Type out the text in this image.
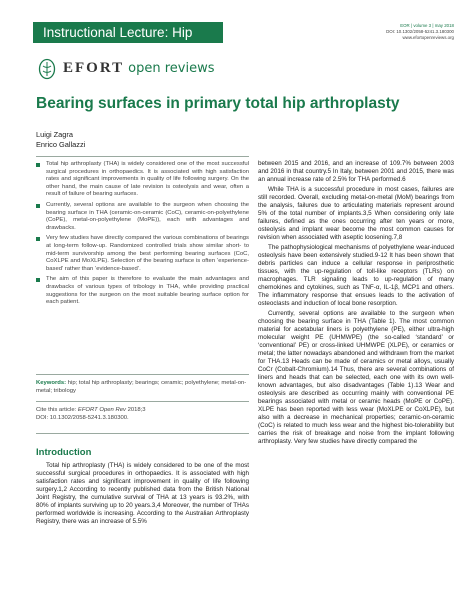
Instructional Lecture: Hip	EOR | volume 3 | may 2018
DOI: 10.1302/2058-5241.3.180300
www.efortopenreviews.org
EFORT open reviews
Bearing surfaces in primary total hip arthroplasty
Luigi Zagra
Enrico Gallazzi
Total hip arthroplasty (THA) is widely considered one of the most successful surgical procedures in orthopaedics. It is associated with high satisfaction rates and significant improvements in quality of life following surgery. On the other hand, the main cause of late revision is osteolysis and wear, often a result of failure of bearing surfaces.
Currently, several options are available to the surgeon when choosing the bearing surface in THA (ceramic-on-ceramic (CoC), ceramic-on-polyethylene (CoPE), metal-on-polyethylene (MoPE)), each with advantages and drawbacks.
Very few studies have directly compared the various combinations of bearings at long-term follow-up. Randomized controlled trials show similar short- to mid-term survivorship among the best performing bearing surfaces (CoC, CoXLPE and MoXLPE). Selection of the bearing surface is often ‘experience-based’ rather than ‘evidence-based’.
The aim of this paper is therefore to evaluate the main advantages and drawbacks of various types of tribology in THA, while providing practical suggestions for the surgeon on the most suitable bearing surface option for each patient.
Keywords: hip; total hip arthroplasty; bearings; ceramic; polyethylene; metal-on-metal; tribology
Cite this article: EFORT Open Rev 2018;3
DOI: 10.1302/2058-5241.3.180300.
Introduction

Total hip arthroplasty (THA) is widely considered to be one of the most successful surgical procedures in orthopaedics. It is associated with high satisfaction rates and significant improvement in quality of life following surgery.1,2 According to recently published data from the British National Joint Registry, the cumulative survival of THA at 13 years is 93.2%, with 80% of implants surviving up to 20 years.3,4 Moreover, the number of THAs performed worldwide is increasing. According to the Australian Arthroplasty Registry, there was an increase of 5.5%

between 2015 and 2016, and an increase of 109.7% between 2003 and 2016 in that country.5 In Italy, between 2001 and 2015, there was an annual increase rate of 2.5% for THA performed.6

While THA is a successful procedure in most cases, failures are still recorded. Overall, excluding metal-on-metal (MoM) bearings from the analysis, failures due to articulating materials represent around 5% of the total number of implants.3,5 When considering only late failures, defined as the ones occurring after ten years or more, osteolysis and implant wear become the most common causes for revision when associated with aseptic loosening.7,8

The pathophysiological mechanisms of polyethylene wear-induced osteolysis have been extensively studied.9-12 It has been shown that debris particles can induce a cellular response in periprosthetic tissues, with the up-regulation of toll-like receptors (TLRs) on macrophages. TLR signaling leads to up-regulation of many chemokines and cytokines, such as TNF-α, IL-1β, MCP1 and others. The inflammatory response that ensues leads to the activation of osteoclasts and induction of local bone resorption.

Currently, several options are available to the surgeon when choosing the bearing surface in THA (Table 1). The most common material for acetabular liners is polyethylene (PE), either ultra-high molecular weight PE (UHMWPE) (the so-called ‘standard’ or ‘conventional’ PE) or cross-linked UHMWPE (XLPE), or ceramics or metal; the latter nowadays abandoned and withdrawn from the market for THA.13 Heads can be made of ceramics or metal alloys, usually CoCr (Cobalt-Chromium).14 Thus, there are several combinations of liners and heads that can be selected, each one with its own well-known advantages, but also disadvantages (Table 1).13 Wear and osteolysis are described as occurring mainly with conventional PE bearings associated with metal or ceramic heads (MoPE or CoPE). XLPE has been reported with less wear (MoXLPE or CoXLPE), but also with a decrease in mechanical properties; ceramic-on-ceramic (CoC) is related to much less wear and the highest bio-tolerability but carries the risk of breakage and noise from the implant following arthroplasty. Very few studies have directly compared the
